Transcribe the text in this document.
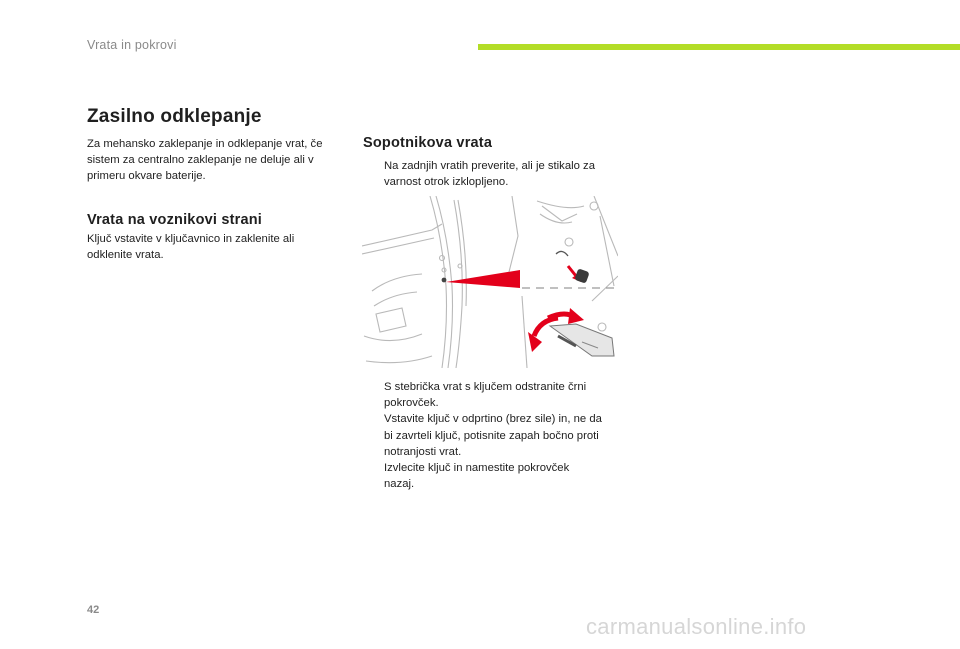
Vrata in pokrovi
Zasilno odklepanje

Za mehansko zaklepanje in odklepanje vrat, če
sistem za centralno zaklepanje ne deluje ali v
primeru okvare baterije.

Vrata na voznikovi strani

Ključ vstavite v ključavnico in zaklenite ali
odklenite vrata.

Sopotnikova vrata
Na zadnjih vratih preverite, ali je stikalo za
varnost otrok izklopljeno.
S stebrička vrat s ključem odstranite črni
pokrovček.
Vstavite ključ v odprtino (brez sile) in, ne da
bi zavrteli ključ, potisnite zapah bočno proti
notranjosti vrat.
Izvlecite ključ in namestite pokrovček
nazaj.
42
carmanualsonline.info
